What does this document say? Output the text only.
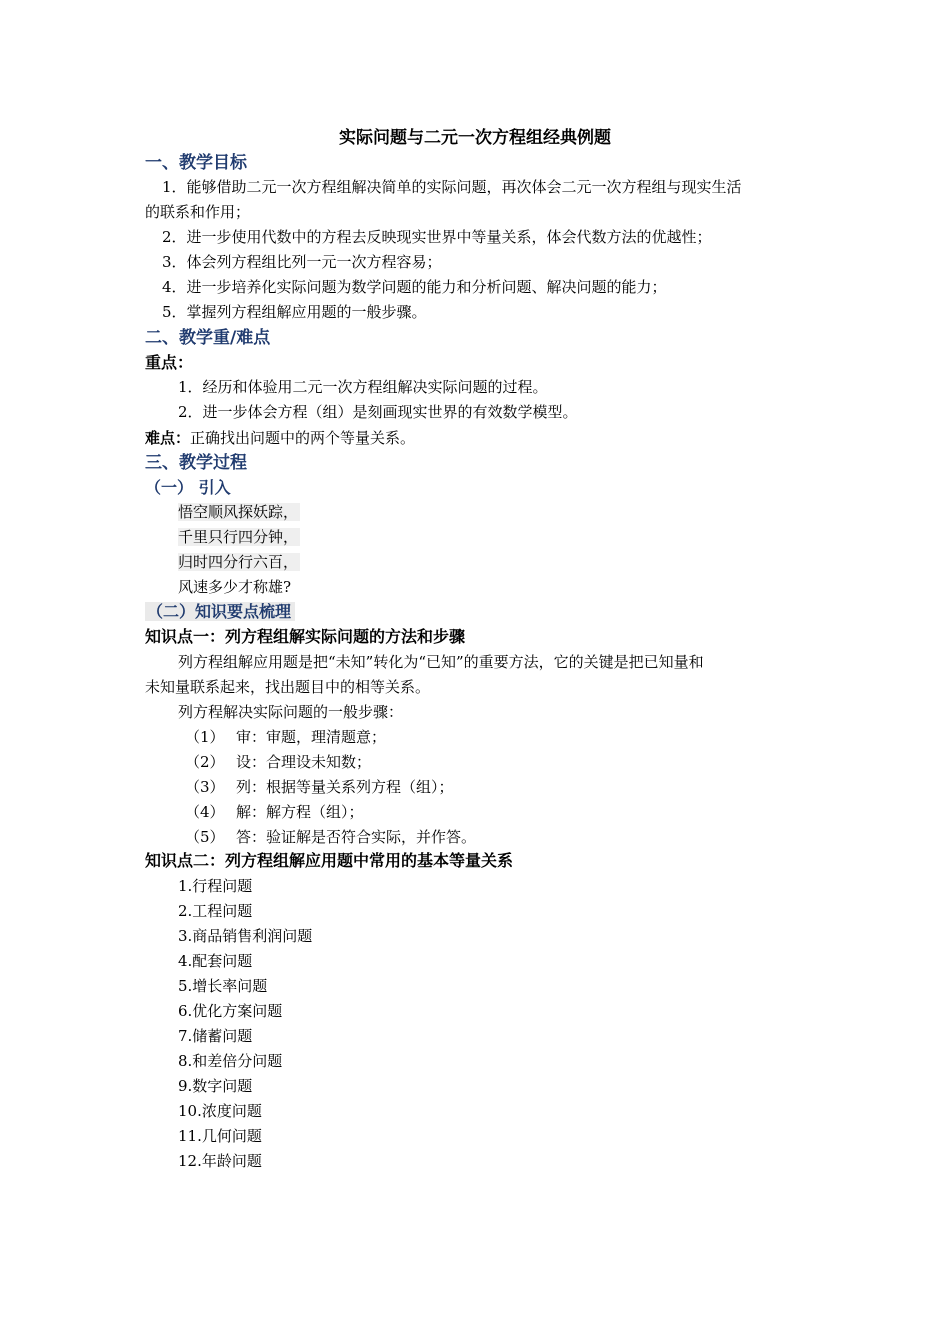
实际问题与二元一次方程组经典例题
一、教学目标
1．能够借助二元一次方程组解决简单的实际问题，再次体会二元一次方程组与现实生活
的联系和作用；
2．进一步使用代数中的方程去反映现实世界中等量关系，体会代数方法的优越性；
3．体会列方程组比列一元一次方程容易；
4．进一步培养化实际问题为数学问题的能力和分析问题、解决问题的能力；
5．掌握列方程组解应用题的一般步骤。
二、教学重/难点
重点：
1．经历和体验用二元一次方程组解决实际问题的过程。
2．进一步体会方程（组）是刻画现实世界的有效数学模型。
难点：正确找出问题中的两个等量关系。
三、教学过程
（一） 引入
悟空顺风探妖踪，
千里只行四分钟，
归时四分行六百，
风速多少才称雄?
（二）知识要点梳理
知识点一：列方程组解实际问题的方法和步骤
列方程组解应用题是把“未知”转化为“已知”的重要方法，它的关键是把已知量和
未知量联系起来，找出题目中的相等关系。
列方程解决实际问题的一般步骤：
（1） 审：审题，理清题意；
（2） 设：合理设未知数；
（3） 列：根据等量关系列方程（组）；
（4） 解：解方程（组）；
（5） 答：验证解是否符合实际，并作答。
知识点二：列方程组解应用题中常用的基本等量关系
1.行程问题
2.工程问题
3.商品销售利润问题
4.配套问题
5.增长率问题
6.优化方案问题
7.储蓄问题
8.和差倍分问题
9.数字问题
10.浓度问题
11.几何问题
12.年龄问题
